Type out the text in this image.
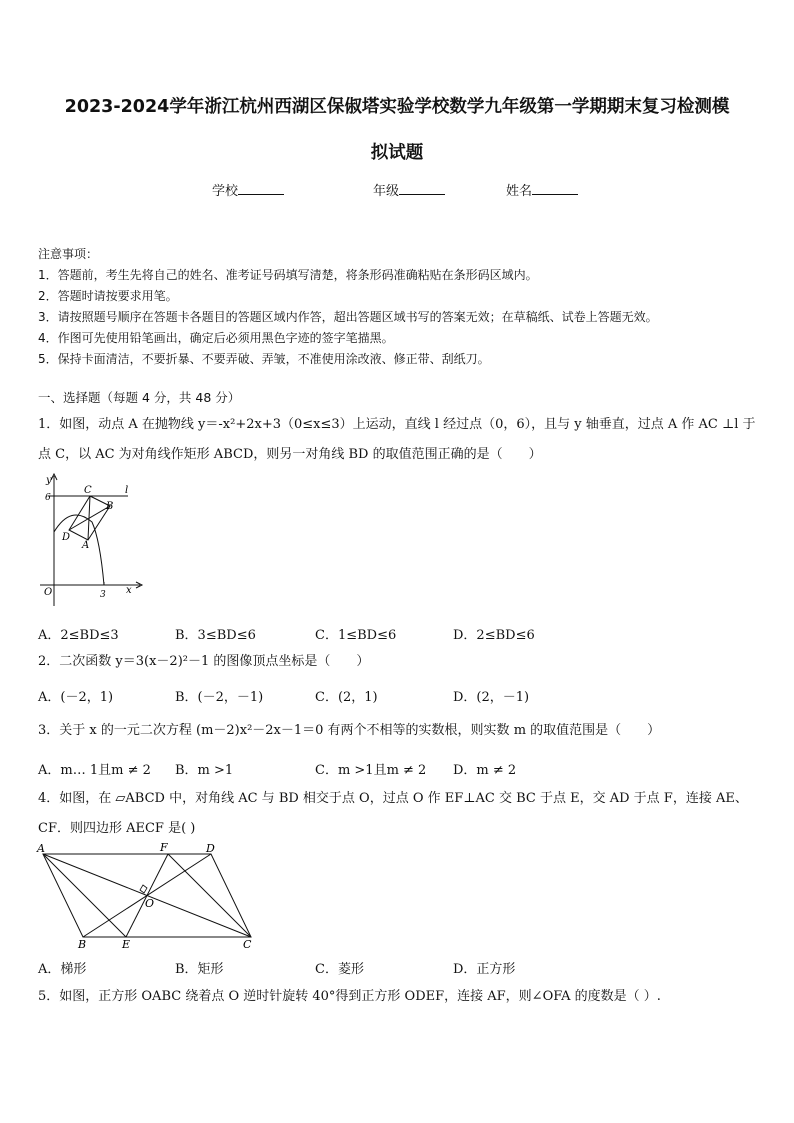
2023-2024学年浙江杭州西湖区保俶塔实验学校数学九年级第一学期期末复习检测模
拟试题
学校	年级	姓名
注意事项：
1．答题前，考生先将自己的姓名、准考证号码填写清楚，将条形码准确粘贴在条形码区域内。
2．答题时请按要求用笔。
3．请按照题号顺序在答题卡各题目的答题区域内作答，超出答题区域书写的答案无效；在草稿纸、试卷上答题无效。
4．作图可先使用铅笔画出，确定后必须用黑色字迹的签字笔描黑。
5．保持卡面清洁，不要折暴、不要弄破、弄皱，不准使用涂改液、修正带、刮纸刀。
一、选择题（每题 4 分，共 48 分）
1．如图，动点 A 在抛物线 y＝-x²+2x+3（0≤x≤3）上运动，直线 l 经过点（0，6），且与 y 轴垂直，过点 A 作 AC ⊥l 于点 C，以 AC 为对角线作矩形 ABCD，则另一对角线 BD 的取值范围正确的是（　　）
y
6
O	3 x
C	l
B
D
A
A．2≤BD≤3	B．3≤BD≤6	C．1≤BD≤6	D．2≤BD≤6
2．二次函数 y＝3(x－2)²－1 的图像顶点坐标是（　　）
A．(－2，1)	B．(－2，－1)	C．(2，1)	D．(2，－1)
3．关于 x 的一元二次方程 (m－2)x²－2x－1＝0 有两个不相等的实数根，则实数 m 的取值范围是（　　）
A．m… 1且m ≠ 2 B．m >1	C．m >1且m ≠ 2 D．m ≠ 2
4．如图，在 ▱ABCD 中，对角线 AC 与 BD 相交于点 O，过点 O 作 EF⊥AC 交 BC 于点 E，交 AD 于点 F，连接 AE、CF．则四边形 AECF 是( )
A	F	D
O
B	E	C
A．梯形	B．矩形	C．菱形	D．正方形
5．如图，正方形 OABC 绕着点 O 逆时针旋转 40°得到正方形 ODEF，连接 AF，则∠OFA 的度数是（ ）.
